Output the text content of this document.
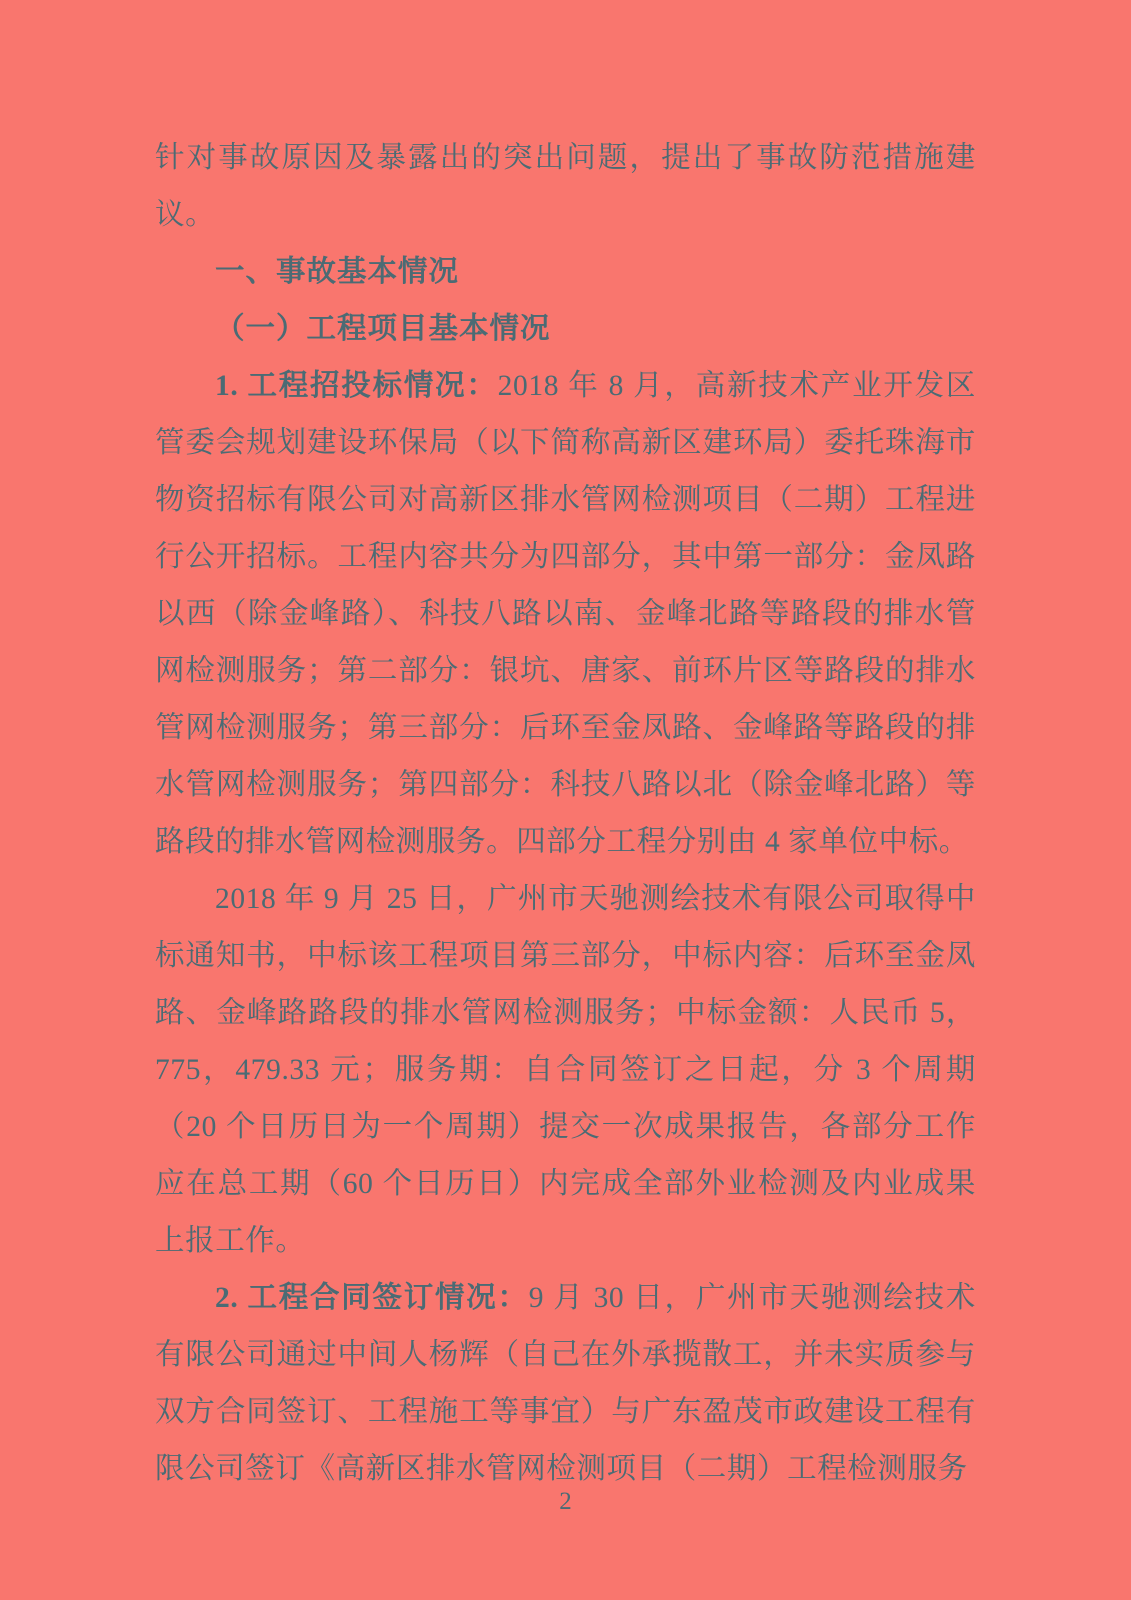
针对事故原因及暴露出的突出问题，提出了事故防范措施建议。

一、事故基本情况

（一）工程项目基本情况

1. 工程招投标情况：2018 年 8 月，高新技术产业开发区管委会规划建设环保局（以下简称高新区建环局）委托珠海市物资招标有限公司对高新区排水管网检测项目（二期）工程进行公开招标。工程内容共分为四部分，其中第一部分：金凤路以西（除金峰路）、科技八路以南、金峰北路等路段的排水管网检测服务；第二部分：银坑、唐家、前环片区等路段的排水管网检测服务；第三部分：后环至金凤路、金峰路等路段的排水管网检测服务；第四部分：科技八路以北（除金峰北路）等路段的排水管网检测服务。四部分工程分别由 4 家单位中标。

2018 年 9 月 25 日，广州市天驰测绘技术有限公司取得中标通知书，中标该工程项目第三部分，中标内容：后环至金凤路、金峰路路段的排水管网检测服务；中标金额：人民币 5，775，479.33 元；服务期：自合同签订之日起，分 3 个周期（20 个日历日为一个周期）提交一次成果报告，各部分工作应在总工期（60 个日历日）内完成全部外业检测及内业成果上报工作。

2. 工程合同签订情况：9 月 30 日，广州市天驰测绘技术有限公司通过中间人杨辉（自己在外承揽散工，并未实质参与双方合同签订、工程施工等事宜）与广东盈茂市政建设工程有限公司签订《高新区排水管网检测项目（二期）工程检测服务

2
